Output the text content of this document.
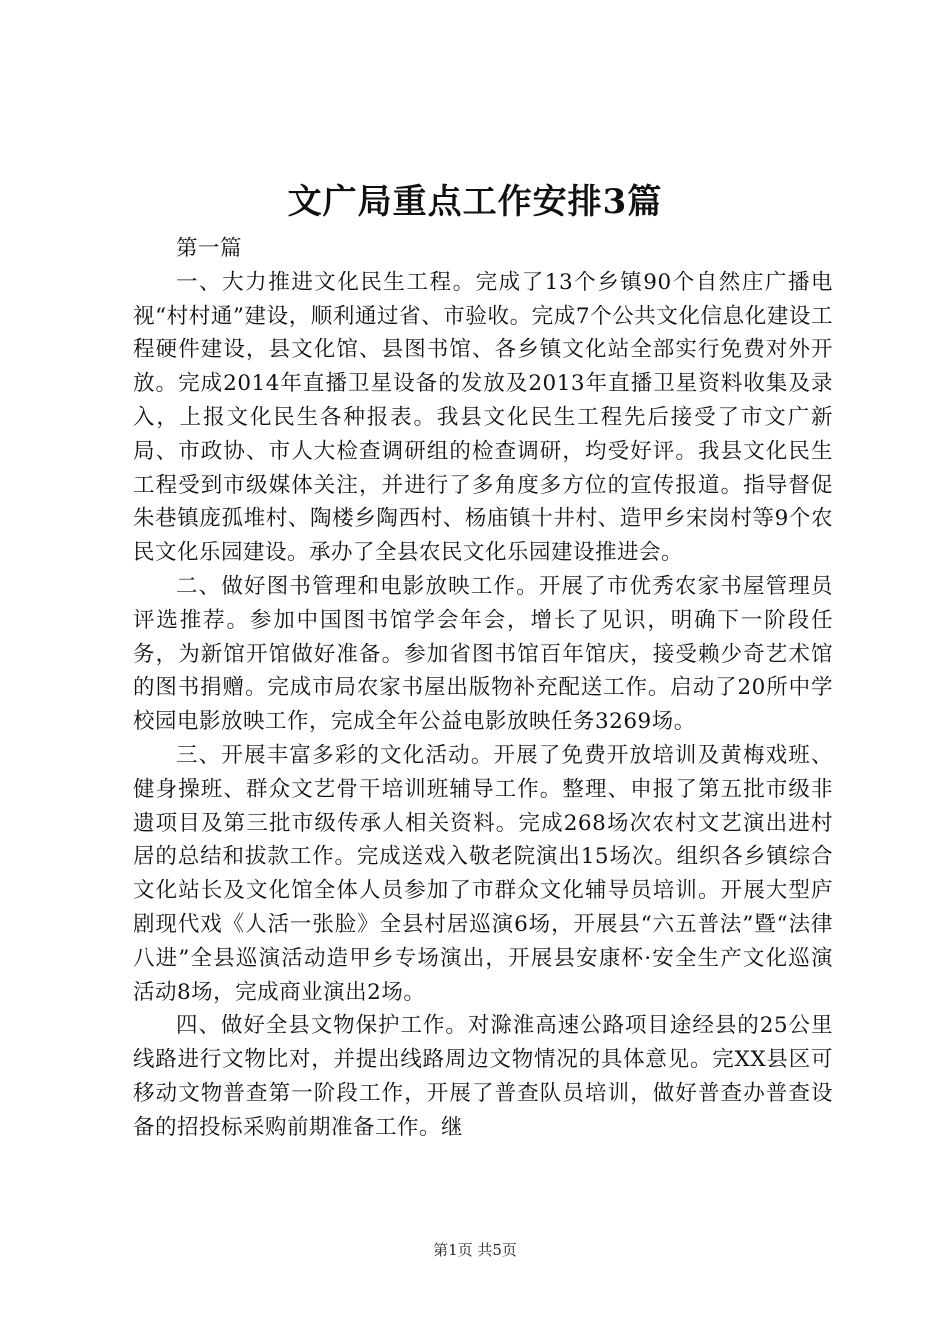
文广局重点工作安排3篇

第一篇

一、大力推进文化民生工程。完成了13个乡镇90个自然庄广播电视“村村通”建设，顺利通过省、市验收。完成7个公共文化信息化建设工程硬件建设，县文化馆、县图书馆、各乡镇文化站全部实行免费对外开放。完成2014年直播卫星设备的发放及2013年直播卫星资料收集及录入，上报文化民生各种报表。我县文化民生工程先后接受了市文广新局、市政协、市人大检查调研组的检查调研，均受好评。我县文化民生工程受到市级媒体关注，并进行了多角度多方位的宣传报道。指导督促朱巷镇庞孤堆村、陶楼乡陶西村、杨庙镇十井村、造甲乡宋岗村等9个农民文化乐园建设。承办了全县农民文化乐园建设推进会。

二、做好图书管理和电影放映工作。开展了市优秀农家书屋管理员评选推荐。参加中国图书馆学会年会，增长了见识，明确下一阶段任务，为新馆开馆做好准备。参加省图书馆百年馆庆，接受赖少奇艺术馆的图书捐赠。完成市局农家书屋出版物补充配送工作。启动了20所中学校园电影放映工作，完成全年公益电影放映任务3269场。

三、开展丰富多彩的文化活动。开展了免费开放培训及黄梅戏班、健身操班、群众文艺骨干培训班辅导工作。整理、申报了第五批市级非遗项目及第三批市级传承人相关资料。完成268场次农村文艺演出进村居的总结和拔款工作。完成送戏入敬老院演出15场次。组织各乡镇综合文化站长及文化馆全体人员参加了市群众文化辅导员培训。开展大型庐剧现代戏《人活一张脸》全县村居巡演6场，开展县“六五普法”暨“法律八进”全县巡演活动造甲乡专场演出，开展县安康杯·安全生产文化巡演活动8场，完成商业演出2场。

四、做好全县文物保护工作。对滁淮高速公路项目途经县的25公里线路进行文物比对，并提出线路周边文物情况的具体意见。完XX县区可移动文物普查第一阶段工作，开展了普查队员培训，做好普查办普查设备的招投标采购前期准备工作。继

第1页 共5页
